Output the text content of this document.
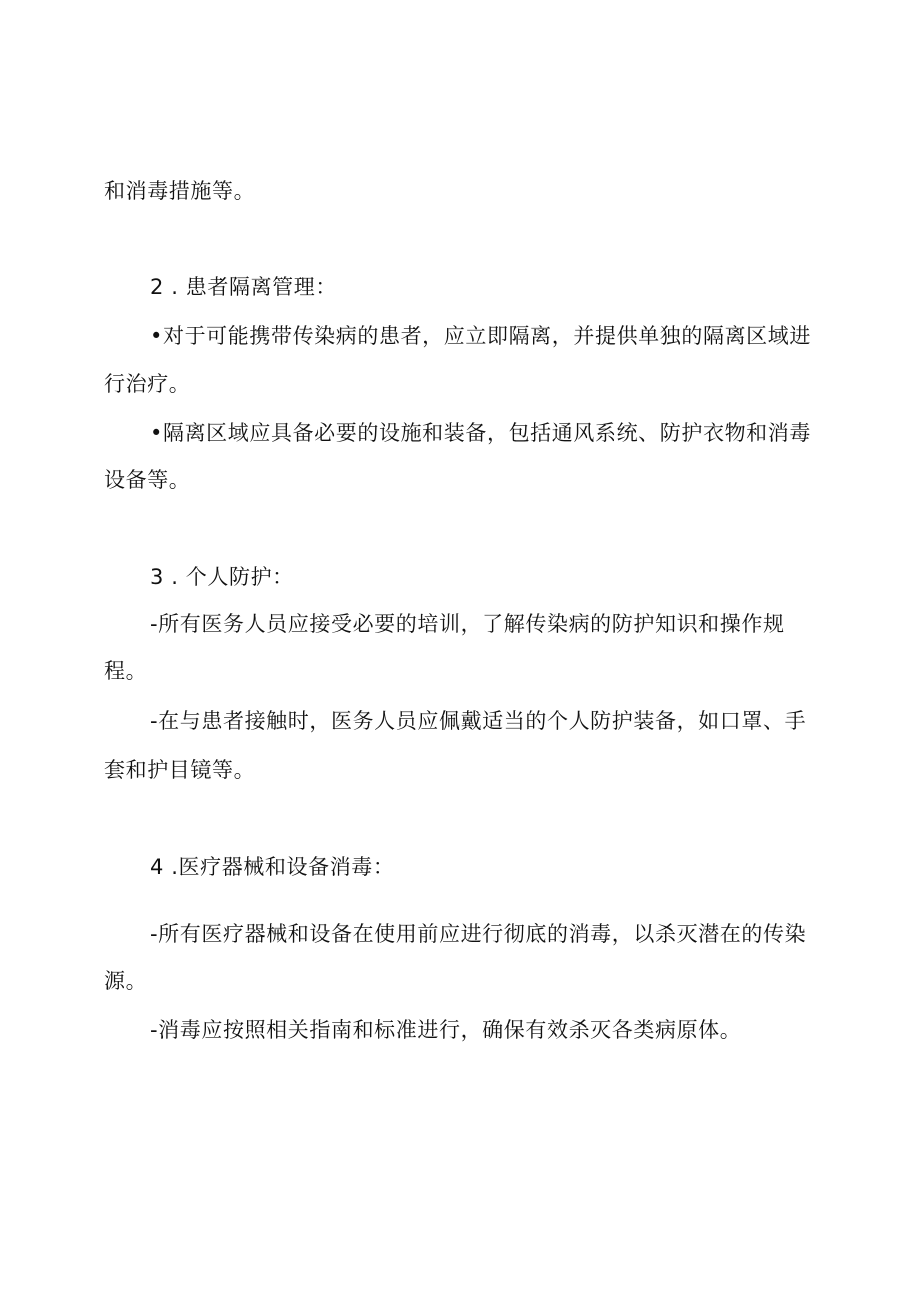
和消毒措施等。
2 . 患者隔离管理：
•对于可能携带传染病的患者，应立即隔离，并提供单独的隔离区域进
行治疗。
•隔离区域应具备必要的设施和装备，包括通风系统、防护衣物和消毒
设备等。
3 . 个人防护：
-所有医务人员应接受必要的培训，了解传染病的防护知识和操作规
程。
-在与患者接触时，医务人员应佩戴适当的个人防护装备，如口罩、手
套和护目镜等。
4 .医疗器械和设备消毒：
-所有医疗器械和设备在使用前应进行彻底的消毒，以杀灭潜在的传染
源。
-消毒应按照相关指南和标准进行，确保有效杀灭各类病原体。
